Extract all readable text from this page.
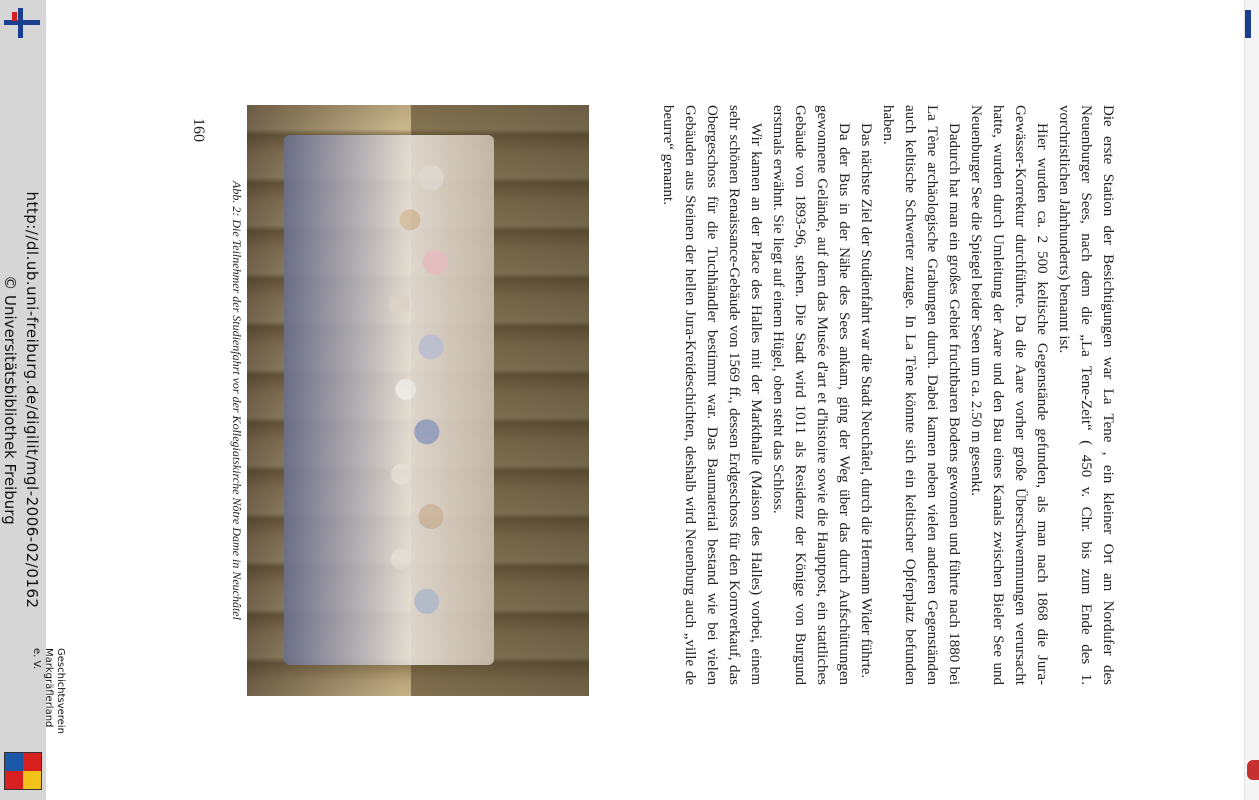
Die erste Station der Besichtigungen war La Tene , ein kleiner Ort am Nordufer des Neuenburger Sees, nach dem die „La Tene-Zeit“ ( 450 v. Chr. bis zum Ende des 1. vorchristlichen Jahrhunderts) benannt ist.

Hier wurden ca. 2 500 keltische Gegenstände gefunden, als man nach 1868 die Jura-Gewässer-Korrektur durchführte. Da die Aare vorher große Überschwemmungen verursacht hatte, wurden durch Umleitung der Aare und den Bau eines Kanals zwischen Bieler See und Neuenburger See die Spiegel beider Seen um ca. 2.50 m gesenkt.

Dadurch hat man ein großes Gebiet fruchtbaren Bodens gewonnen und führte nach 1880 bei La Tène archäologische Grabungen durch. Dabei kamen neben vielen anderen Gegenständen auch keltische Schwerter zutage. In La Tène könnte sich ein keltischer Opferplatz befunden haben.

Das nächste Ziel der Studienfahrt war die Stadt Neuchâtel, durch die Hermann Wider führte.

Da der Bus in der Nähe des Sees ankam, ging der Weg über das durch Aufschüttungen gewonnene Gelände, auf dem das Musée d'art et d'histoire sowie die Hauptpost, ein stattliches Gebäude von 1893-96, stehen. Die Stadt wird 1011 als Residenz der Könige von Burgund erstmals erwähnt. Sie liegt auf einem Hügel, oben steht das Schloss.

Wir kamen an der Place des Halles mit der Markthalle (Maison des Halles) vorbei, einem sehr schönen Renaissance-Gebäude von 1569 ff., dessen Erdgeschoss für den Kornverkauf, das Obergeschoss für die Tuchhändler bestimmt war. Das Baumaterial bestand wie bei vielen Gebäuden aus Steinen der hellen Jura-Kreideschichten, deshalb wird Neuenburg auch „ville de beurre“ genannt.

Abb. 2: Die Teilnehmer der Studienfahrt vor der Kollegiatskirche Nôtre Dame in Neuchâtel
160
http://dl.ub.uni-freiburg.de/digilit/mgl-2006-02/0162
© Universitätsbibliothek Freiburg
Geschichtsverein
Markgräflerland e. V.
